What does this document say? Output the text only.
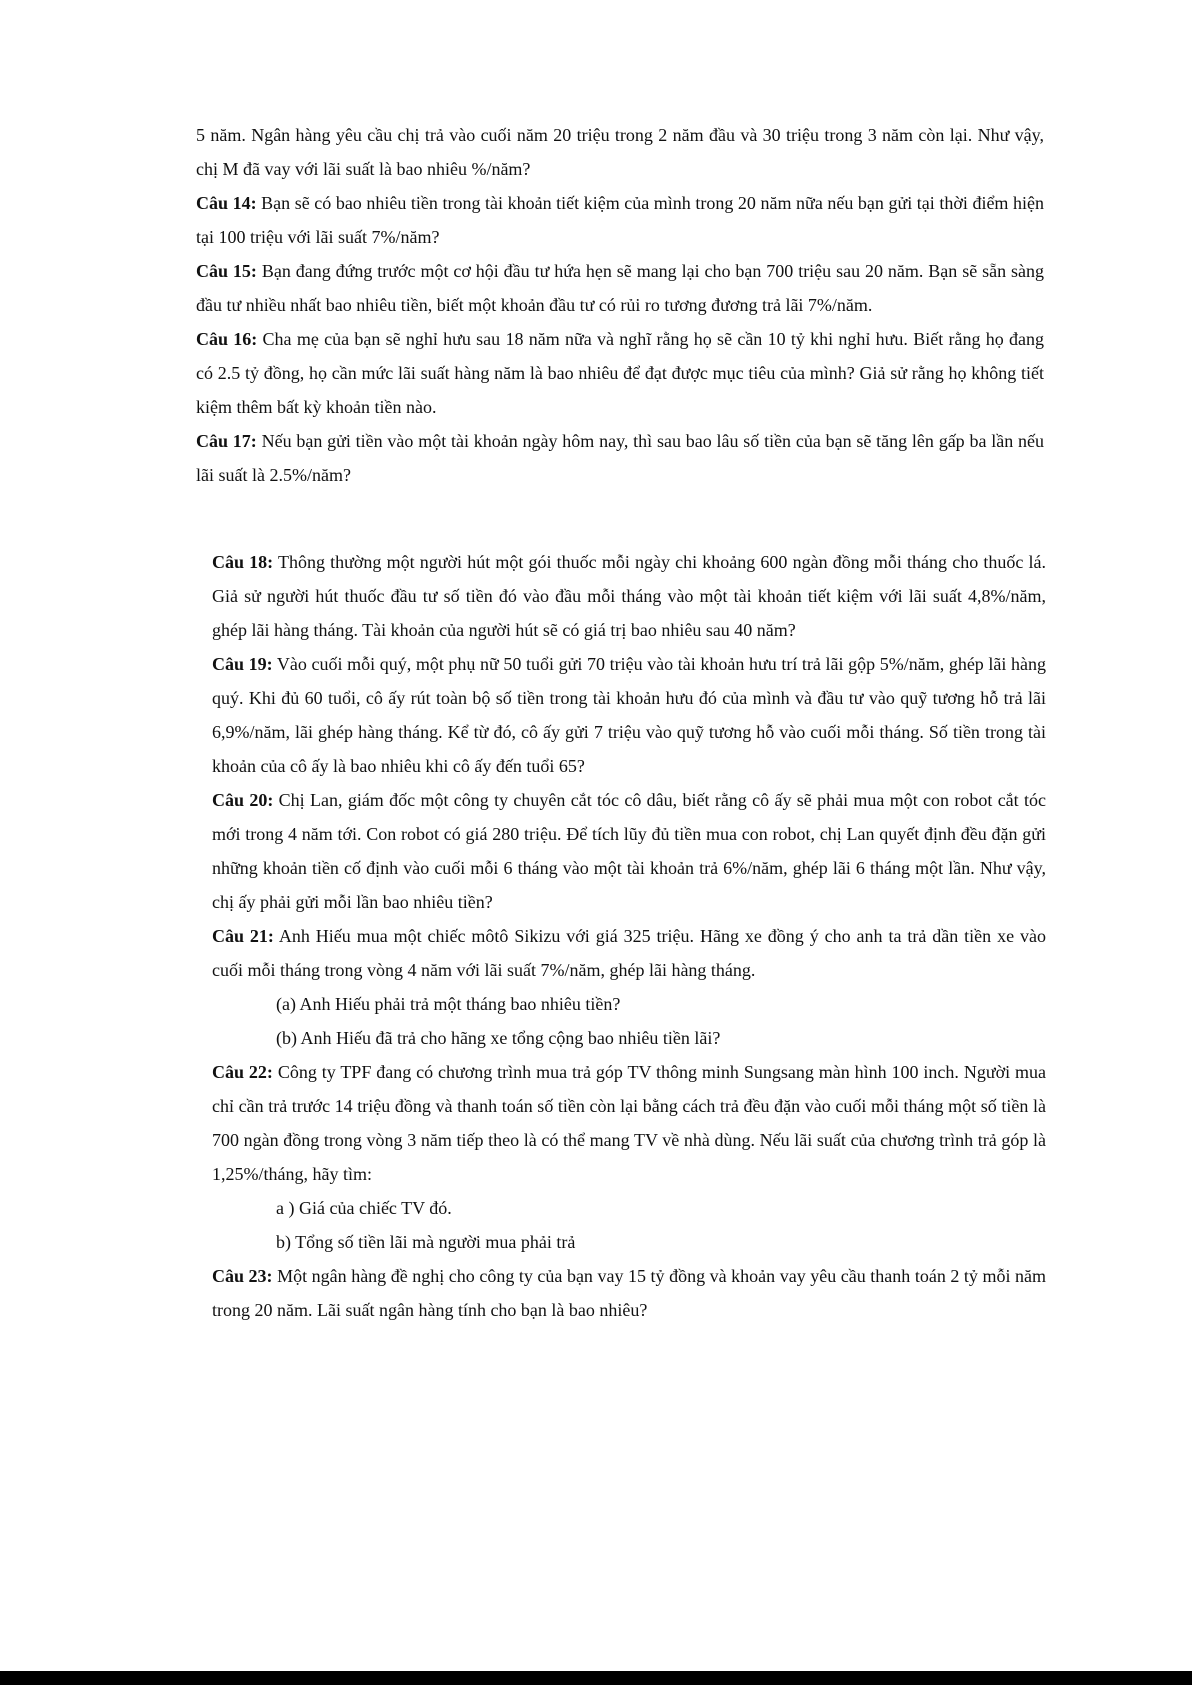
5 năm. Ngân hàng yêu cầu chị trả vào cuối năm 20 triệu trong 2 năm đầu và 30 triệu trong 3 năm còn lại. Như vậy, chị M đã vay với lãi suất là bao nhiêu %/năm?

Câu 14: Bạn sẽ có bao nhiêu tiền trong tài khoản tiết kiệm của mình trong 20 năm nữa nếu bạn gửi tại thời điểm hiện tại 100 triệu với lãi suất 7%/năm?

Câu 15: Bạn đang đứng trước một cơ hội đầu tư hứa hẹn sẽ mang lại cho bạn 700 triệu sau 20 năm. Bạn sẽ sẵn sàng đầu tư nhiều nhất bao nhiêu tiền, biết một khoản đầu tư có rủi ro tương đương trả lãi 7%/năm.

Câu 16: Cha mẹ của bạn sẽ nghỉ hưu sau 18 năm nữa và nghĩ rằng họ sẽ cần 10 tỷ khi nghỉ hưu. Biết rằng họ đang có 2.5 tỷ đồng, họ cần mức lãi suất hàng năm là bao nhiêu để đạt được mục tiêu của mình? Giả sử rằng họ không tiết kiệm thêm bất kỳ khoản tiền nào.

Câu 17: Nếu bạn gửi tiền vào một tài khoản ngày hôm nay, thì sau bao lâu số tiền của bạn sẽ tăng lên gấp ba lần nếu lãi suất là 2.5%/năm?

Câu 18: Thông thường một người hút một gói thuốc mỗi ngày chi khoảng 600 ngàn đồng mỗi tháng cho thuốc lá. Giả sử người hút thuốc đầu tư số tiền đó vào đầu mỗi tháng vào một tài khoản tiết kiệm với lãi suất 4,8%/năm, ghép lãi hàng tháng. Tài khoản của người hút sẽ có giá trị bao nhiêu sau 40 năm?

Câu 19: Vào cuối mỗi quý, một phụ nữ 50 tuổi gửi 70 triệu vào tài khoản hưu trí trả lãi gộp 5%/năm, ghép lãi hàng quý. Khi đủ 60 tuổi, cô ấy rút toàn bộ số tiền trong tài khoản hưu đó của mình và đầu tư vào quỹ tương hỗ trả lãi 6,9%/năm, lãi ghép hàng tháng. Kể từ đó, cô ấy gửi 7 triệu vào quỹ tương hỗ vào cuối mỗi tháng. Số tiền trong tài khoản của cô ấy là bao nhiêu khi cô ấy đến tuổi 65?

Câu 20: Chị Lan, giám đốc một công ty chuyên cắt tóc cô dâu, biết rằng cô ấy sẽ phải mua một con robot cắt tóc mới trong 4 năm tới. Con robot có giá 280 triệu. Để tích lũy đủ tiền mua con robot, chị Lan quyết định đều đặn gửi những khoản tiền cố định vào cuối mỗi 6 tháng vào một tài khoản trả 6%/năm, ghép lãi 6 tháng một lần. Như vậy, chị ấy phải gửi mỗi lần bao nhiêu tiền?

Câu 21: Anh Hiếu mua một chiếc môtô Sikizu với giá 325 triệu. Hãng xe đồng ý cho anh ta trả dần tiền xe vào cuối mỗi tháng trong vòng 4 năm với lãi suất 7%/năm, ghép lãi hàng tháng.

(a) Anh Hiếu phải trả một tháng bao nhiêu tiền?

(b) Anh Hiếu đã trả cho hãng xe tổng cộng bao nhiêu tiền lãi?

Câu 22: Công ty TPF đang có chương trình mua trả góp TV thông minh Sungsang màn hình 100 inch. Người mua chỉ cần trả trước 14 triệu đồng và thanh toán số tiền còn lại bằng cách trả đều đặn vào cuối mỗi tháng một số tiền là 700 ngàn đồng trong vòng 3 năm tiếp theo là có thể mang TV về nhà dùng. Nếu lãi suất của chương trình trả góp là 1,25%/tháng, hãy tìm:

a ) Giá của chiếc TV đó.

b) Tổng số tiền lãi mà người mua phải trả

Câu 23: Một ngân hàng đề nghị cho công ty của bạn vay 15 tỷ đồng và khoản vay yêu cầu thanh toán 2 tỷ mỗi năm trong 20 năm. Lãi suất ngân hàng tính cho bạn là bao nhiêu?
